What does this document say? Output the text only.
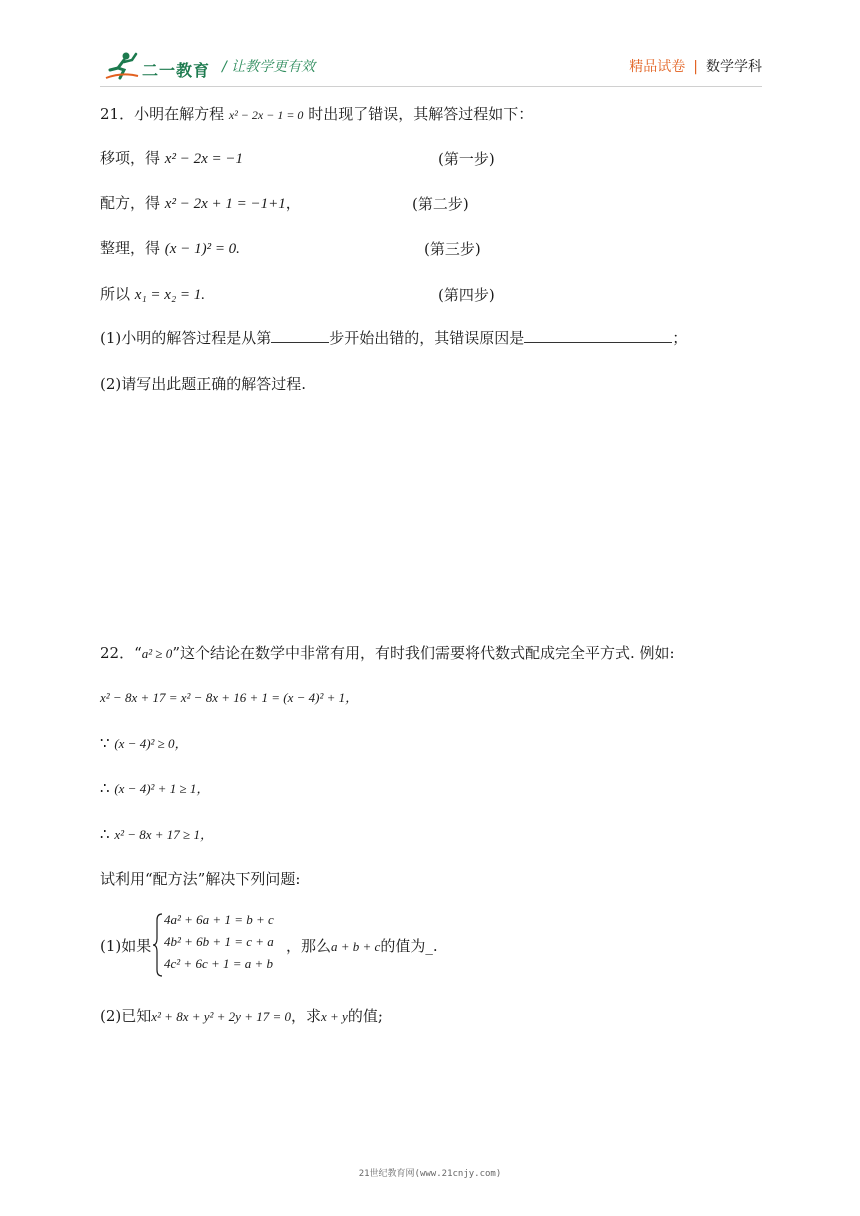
二一教育 / 让教学更有效	精品试卷 | 数学学科
21．小明在解方程 x² − 2x − 1 = 0 时出现了错误，其解答过程如下：
移项，得 x² − 2x = −1	(第一步)
配方，得 x² − 2x + 1 = −1+1，	(第二步)
整理，得 (x − 1)² = 0.	(第三步)
所以 x₁ = x₂ = 1.	(第四步)
(1)小明的解答过程是从第	步开始出错的，其错误原因是	；
(2)请写出此题正确的解答过程.
22．“a² ≥ 0”这个结论在数学中非常有用，有时我们需要将代数式配成完全平方式. 例如:
x² − 8x + 17 = x² − 8x + 16 + 1 = (x − 4)² + 1，
∵ (x − 4)² ≥ 0，
∴ (x − 4)² + 1 ≥ 1，
∴ x² − 8x + 17 ≥ 1，
试利用“配方法”解决下列问题:
(1)如果
4a² + 6a + 1 = b + c
4b² + 6b + 1 = c + a
4c² + 6c + 1 = a + b
，那么a + b + c的值为_.
(2)已知x² + 8x + y² + 2y + 17 = 0，求x + y的值;
21世纪教育网(www.21cnjy.com)
